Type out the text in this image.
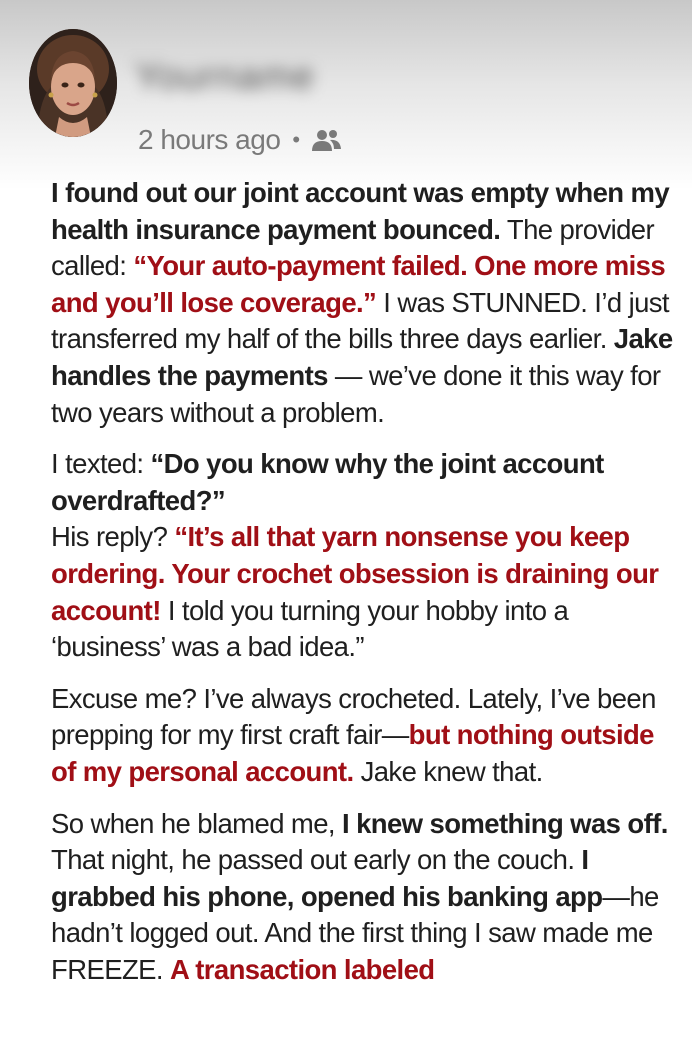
Yourname
2 hours ago •

I found out our joint account was empty when my health insurance payment bounced. The provider called: “Your auto-payment failed. One more miss and you’ll lose coverage.” I was STUNNED. I’d just transferred my half of the bills three days earlier. Jake handles the payments — we’ve done it this way for two years without a problem.

I texted: “Do you know why the joint account overdrafted?”
His reply? “It’s all that yarn nonsense you keep ordering. Your crochet obsession is draining our account! I told you turning your hobby into a ‘business’ was a bad idea.”

Excuse me? I’ve always crocheted. Lately, I’ve been prepping for my first craft fair—but nothing outside of my personal account. Jake knew that.

So when he blamed me, I knew something was off. That night, he passed out early on the couch. I grabbed his phone, opened his banking app—he hadn’t logged out. And the first thing I saw made me FREEZE. A transaction labeled
